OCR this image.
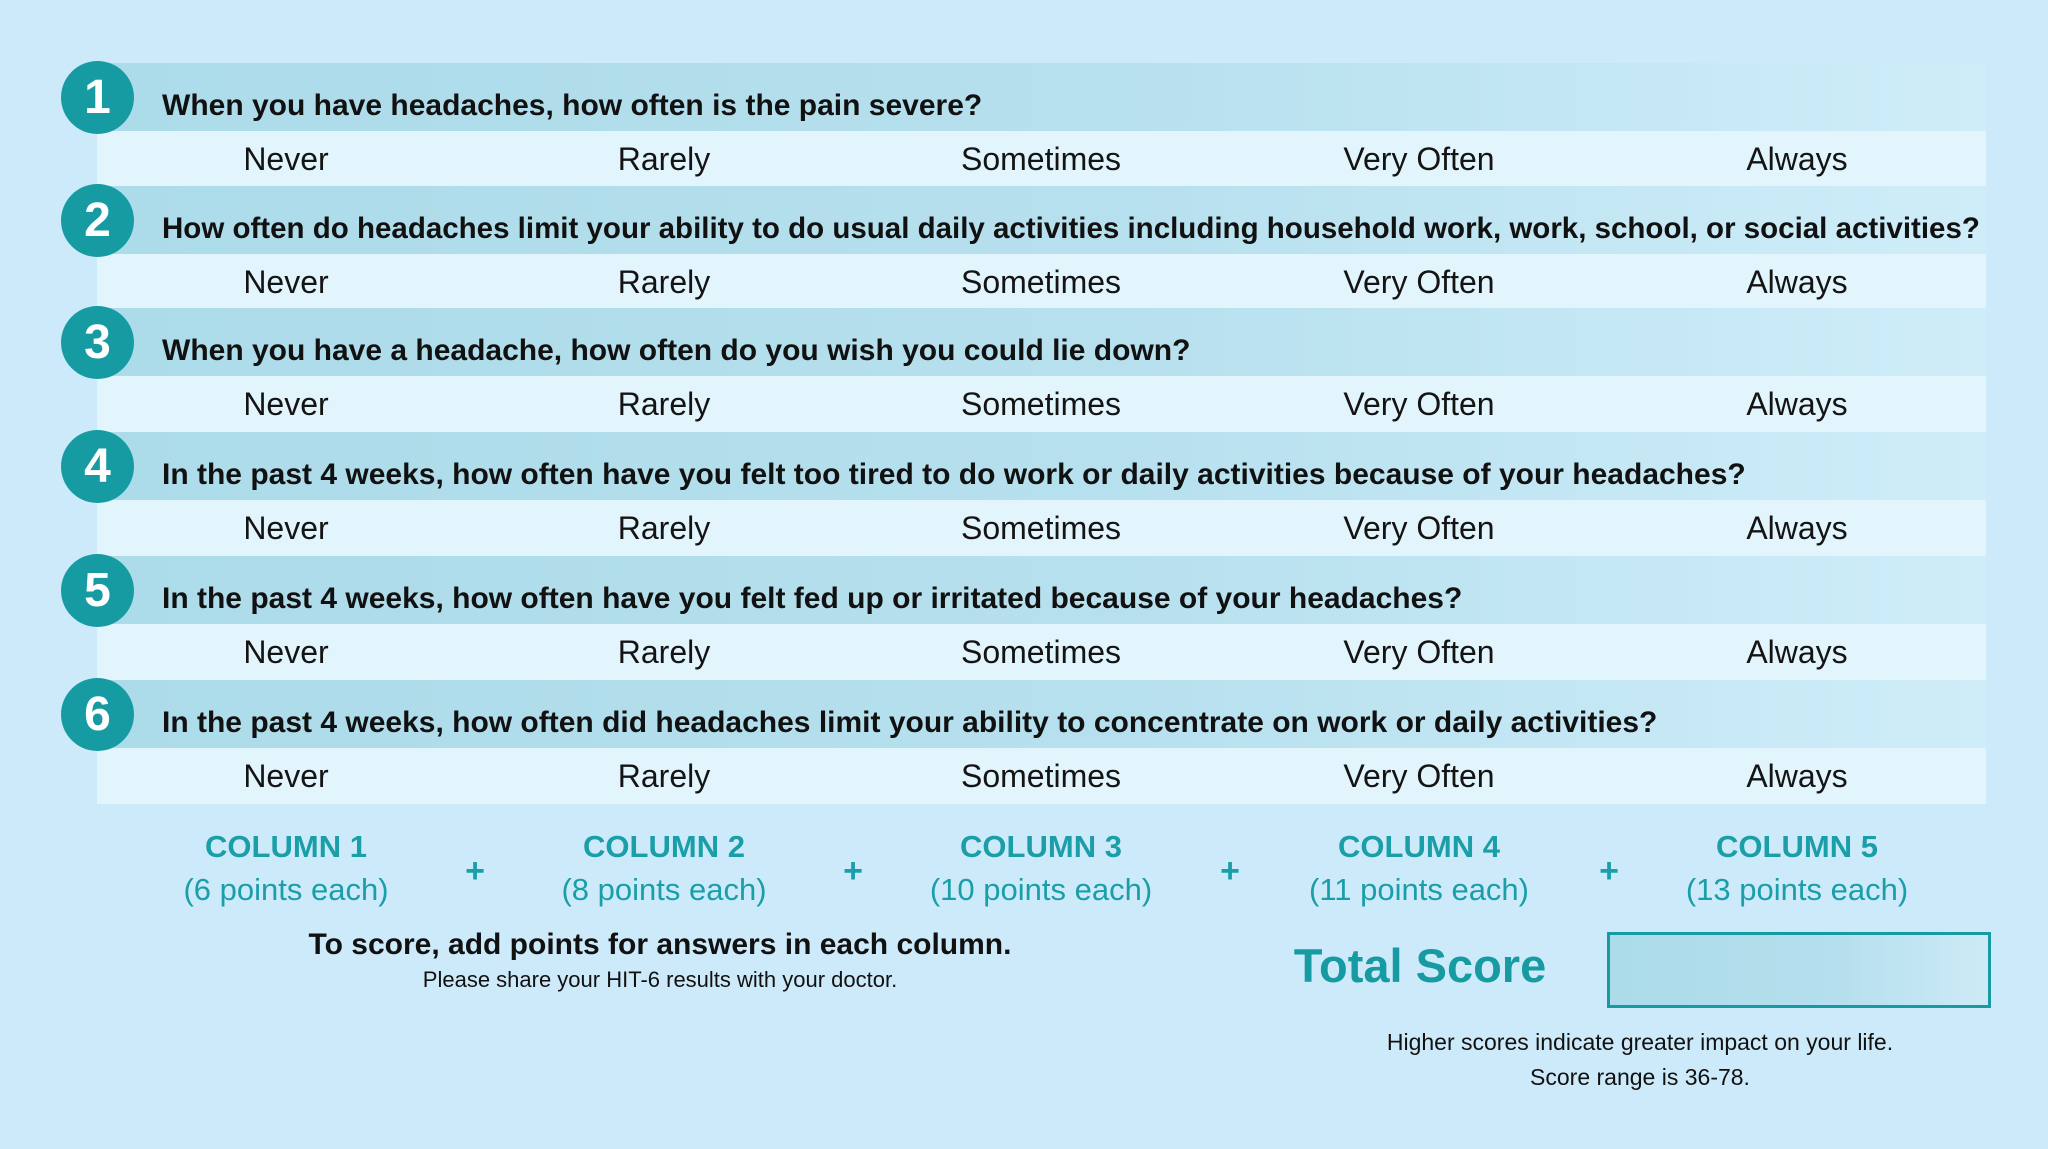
1	When you have headaches, how often is the pain severe?
Never	Rarely	Sometimes	Very Often	Always
2	How often do headaches limit your ability to do usual daily activities including household work, work, school, or social activities?
Never	Rarely	Sometimes	Very Often	Always
3	When you have a headache, how often do you wish you could lie down?
Never	Rarely	Sometimes	Very Often	Always
4	In the past 4 weeks, how often have you felt too tired to do work or daily activities because of your headaches?
Never	Rarely	Sometimes	Very Often	Always
5	In the past 4 weeks, how often have you felt fed up or irritated because of your headaches?
Never	Rarely	Sometimes	Very Often	Always
6	In the past 4 weeks, how often did headaches limit your ability to concentrate on work or daily activities?
Never	Rarely	Sometimes	Very Often	Always
COLUMN 1
(6 points each)	+
COLUMN 2
(8 points each)	+
COLUMN 3
(10 points each)	+
COLUMN 4
(11 points each)	+
COLUMN 5
(13 points each)
To score, add points for answers in each column.
Please share your HIT-6 results with your doctor.	Total Score
Higher scores indicate greater impact on your life.
Score range is 36-78.
